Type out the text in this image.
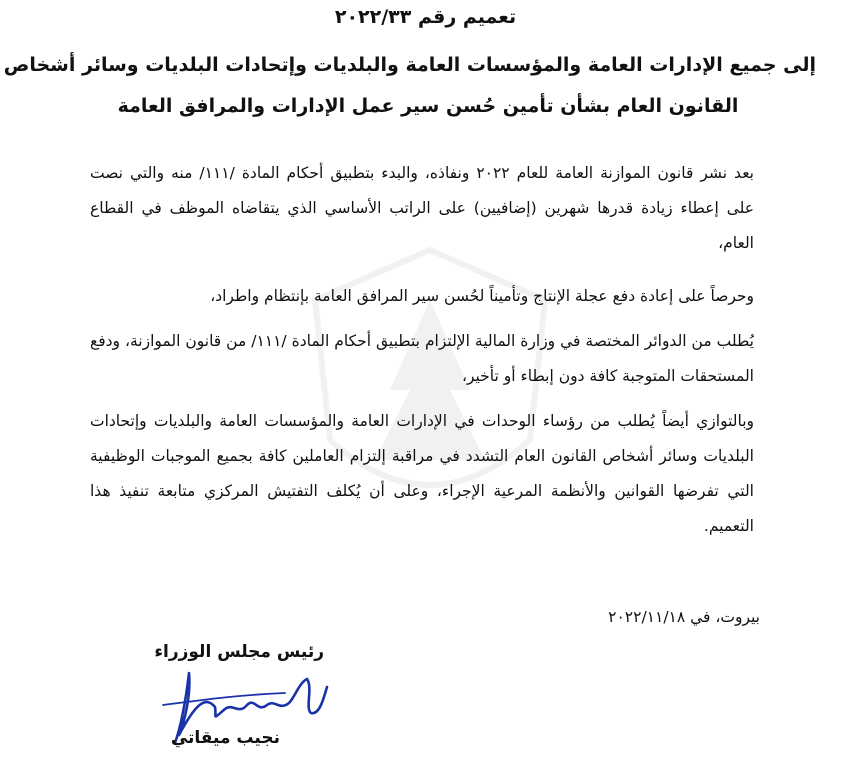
تعميم رقم ٢٠٢٢/٣٣
إلى جميع الإدارات العامة والمؤسسات العامة والبلديات وإتحادات البلديات وسائر أشخاص
القانون العام بشأن تأمين حُسن سير عمل الإدارات والمرافق العامة
بعد نشر قانون الموازنة العامة للعام ٢٠٢٢ ونفاذه، والبدء بتطبيق أحكام المادة /١١١/ منه والتي نصت على إعطاء زيادة قدرها شهرين (إضافيين) على الراتب الأساسي الذي يتقاضاه الموظف في القطاع العام،
وحرصاً على إعادة دفع عجلة الإنتاج وتأميناً لحُسن سير المرافق العامة بإنتظام واطراد،
يُطلب من الدوائر المختصة في وزارة المالية الإلتزام بتطبيق أحكام المادة /١١١/ من قانون الموازنة، ودفع المستحقات المتوجبة كافة دون إبطاء أو تأخير،
وبالتوازي أيضاً يُطلب من رؤساء الوحدات في الإدارات العامة والمؤسسات العامة والبلديات وإتحادات البلديات وسائر أشخاص القانون العام التشدد في مراقبة إلتزام العاملين كافة بجميع الموجبات الوظيفية التي تفرضها القوانين والأنظمة المرعية الإجراء، وعلى أن يُكلف التفتيش المركزي متابعة تنفيذ هذا التعميم.
بيروت، في ٢٠٢٢/١١/١٨
رئيس مجلس الوزراء
نجيب ميقاتي
